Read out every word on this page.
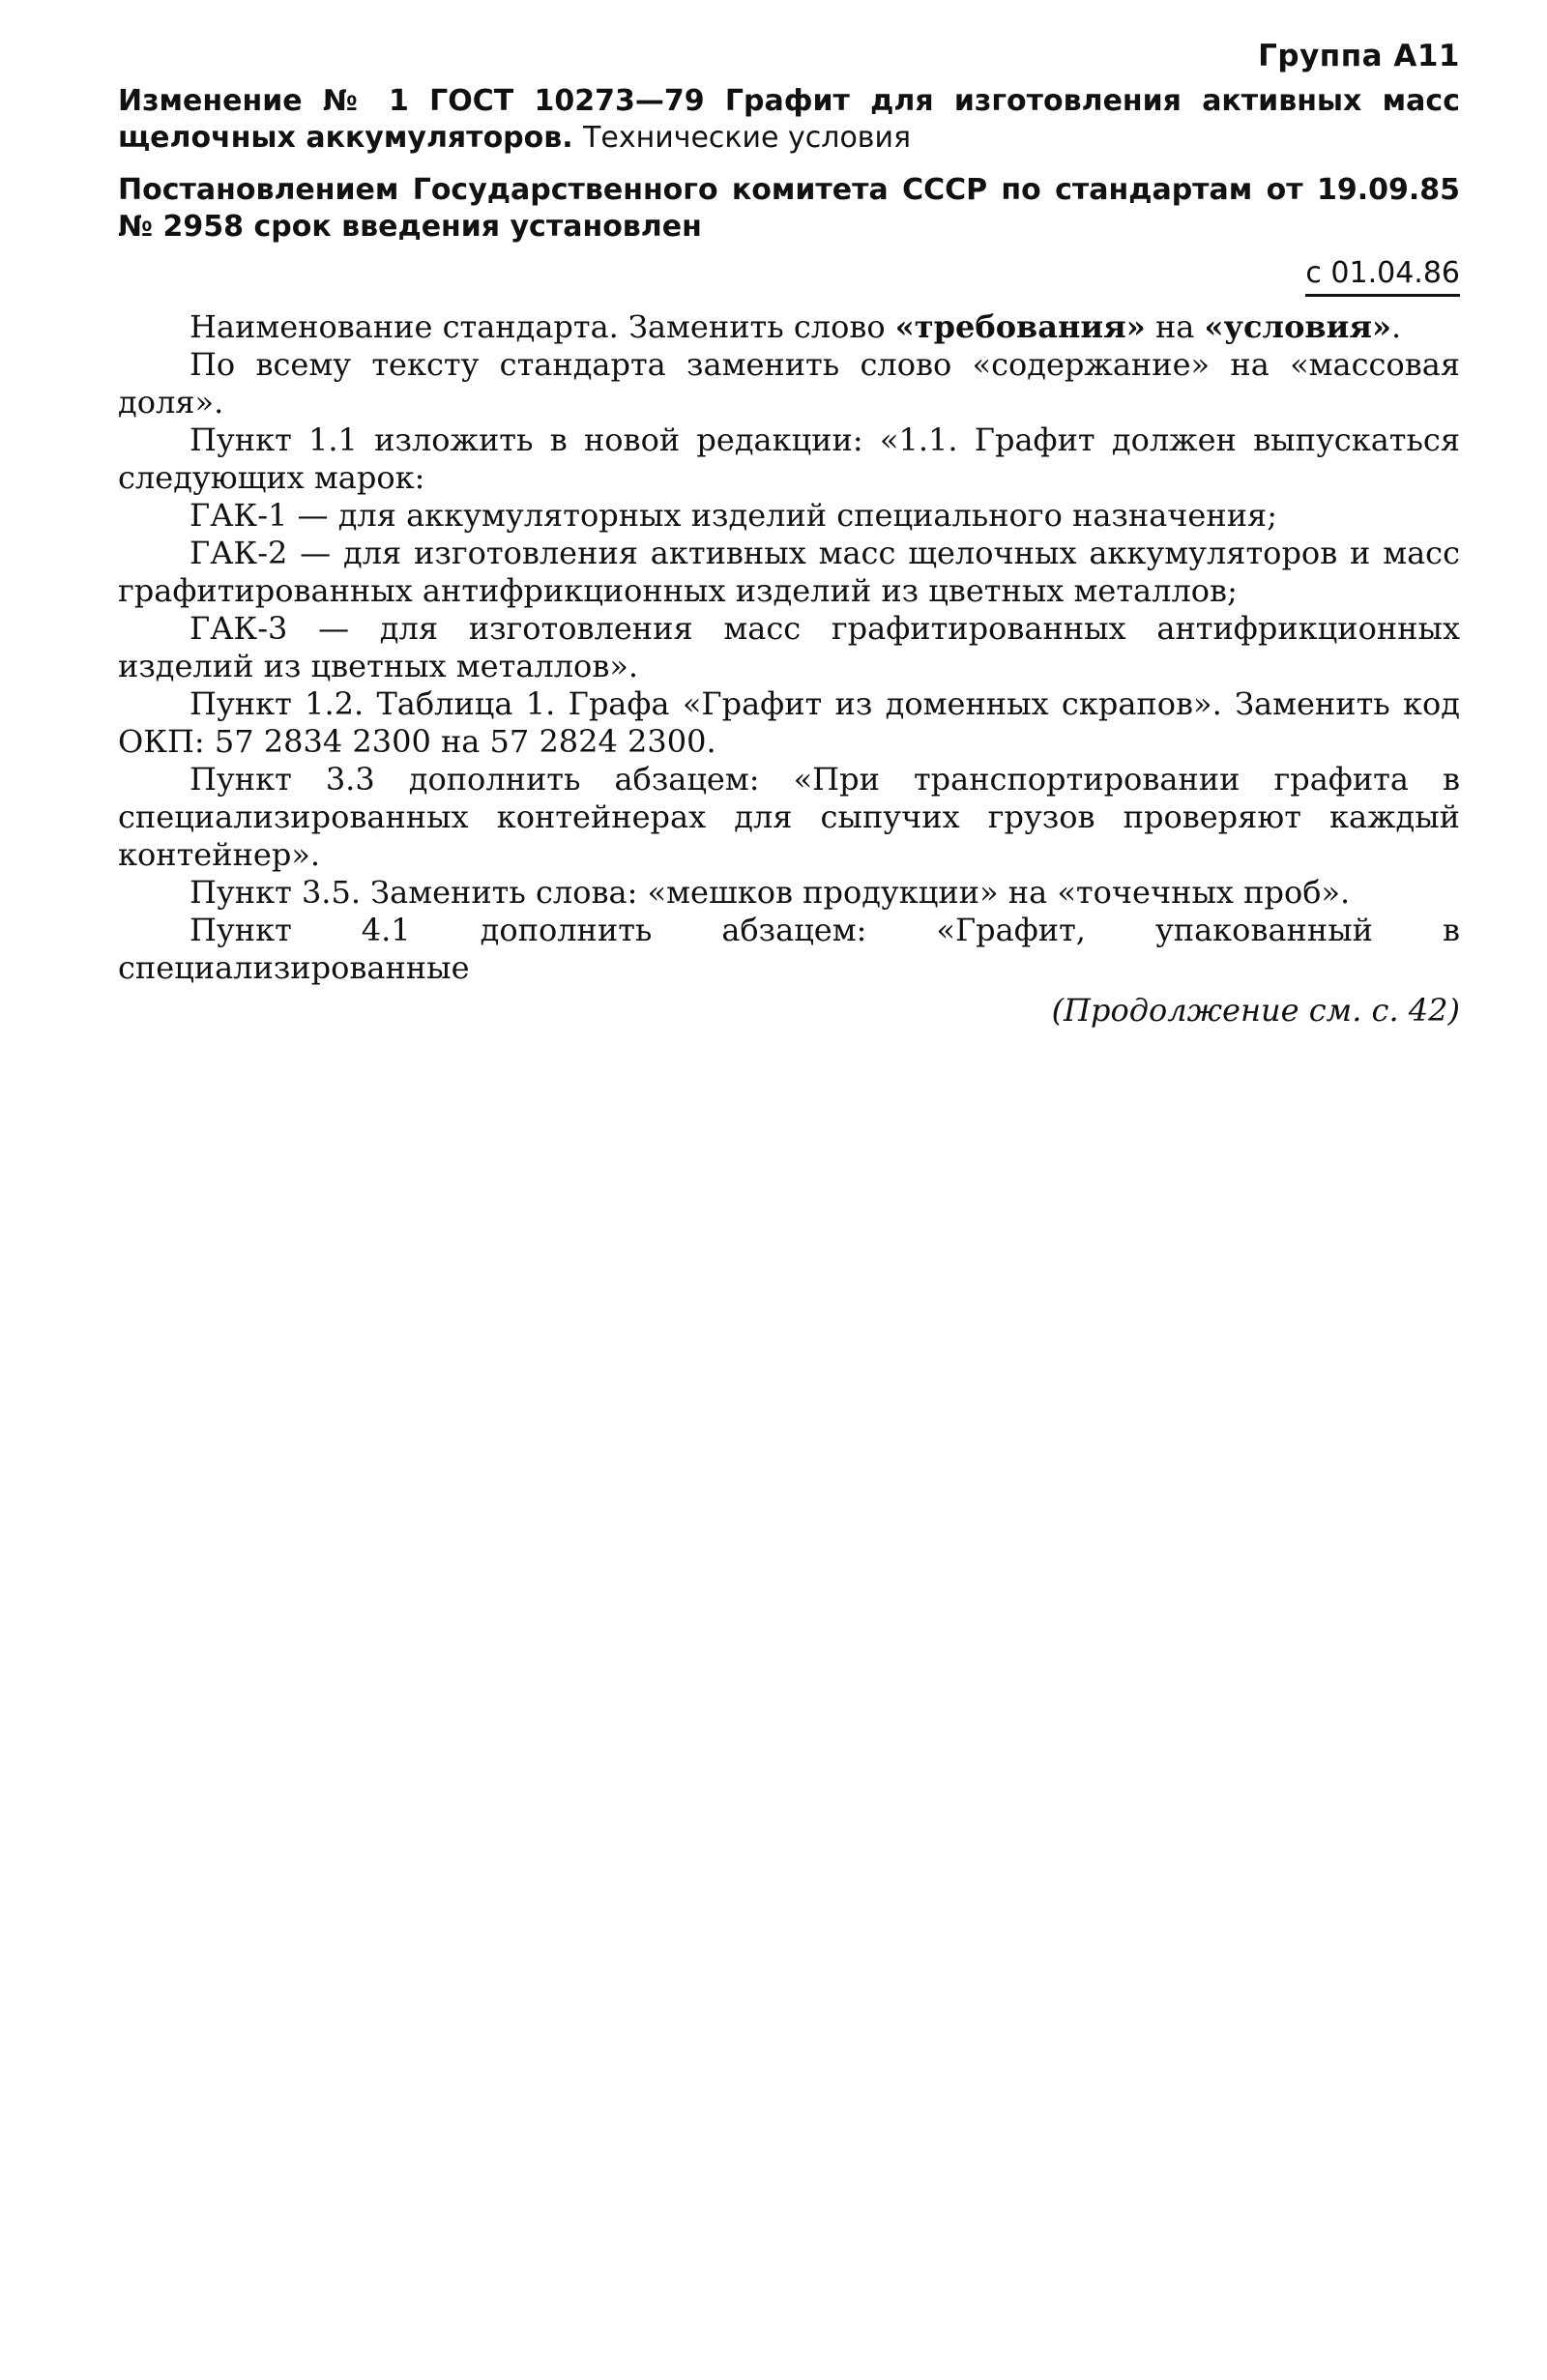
Группа А11
Изменение № 1 ГОСТ 10273—79 Графит для изготовления активных масс щелочных аккумуляторов. Технические условия
Постановлением Государственного комитета СССР по стандартам от 19.09.85 № 2958 срок введения установлен
с 01.04.86
Наименование стандарта. Заменить слово «требования» на «условия».
По всему тексту стандарта заменить слово «содержание» на «массовая доля».
Пункт 1.1 изложить в новой редакции: «1.1. Графит должен выпускаться следующих марок:
ГАК-1 — для аккумуляторных изделий специального назначения;
ГАК-2 — для изготовления активных масс щелочных аккумуляторов и масс графитированных антифрикционных изделий из цветных металлов;
ГАК-3 — для изготовления масс графитированных антифрикционных изделий из цветных металлов».
Пункт 1.2. Таблица 1. Графа «Графит из доменных скрапов». Заменить код ОКП: 57 2834 2300 на 57 2824 2300.
Пункт 3.3 дополнить абзацем: «При транспортировании графита в специализированных контейнерах для сыпучих грузов проверяют каждый контейнер».
Пункт 3.5. Заменить слова: «мешков продукции» на «точечных проб».
Пункт 4.1 дополнить абзацем: «Графит, упакованный в специализированные
(Продолжение см. с. 42)
